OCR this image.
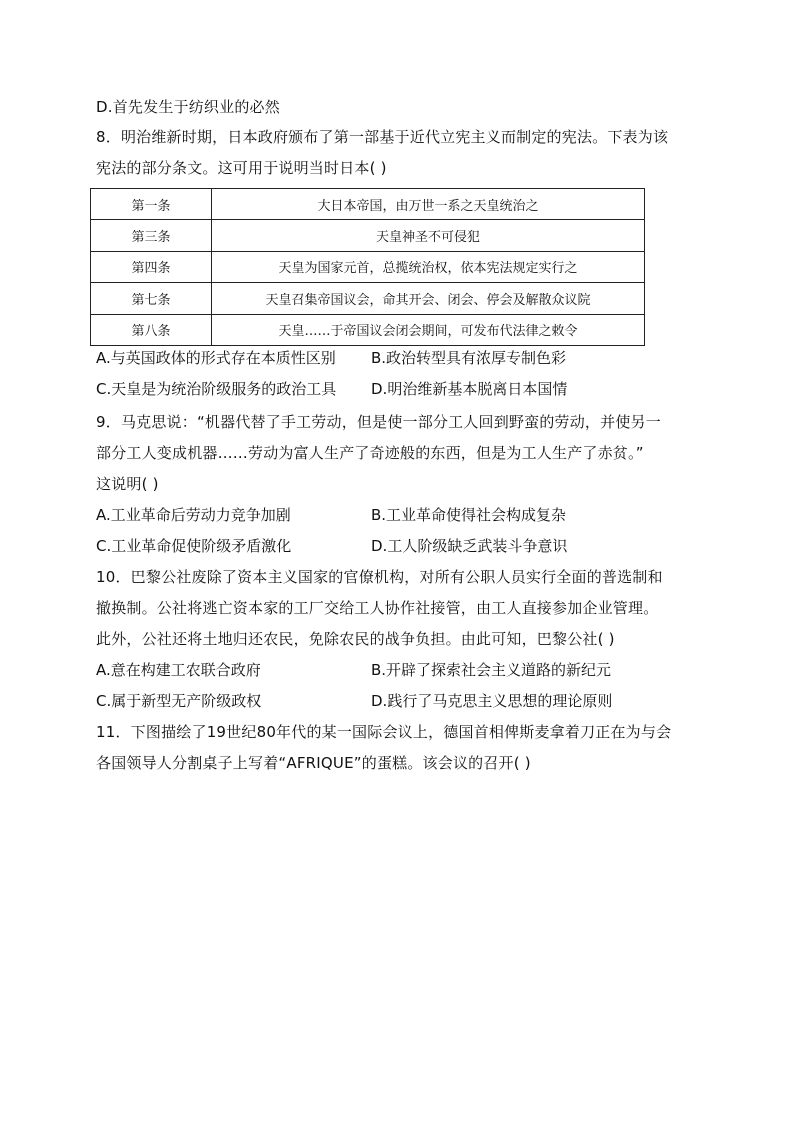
D.首先发生于纺织业的必然
8．明治维新时期，日本政府颁布了第一部基于近代立宪主义而制定的宪法。下表为该
宪法的部分条文。这可用于说明当时日本( )
第一条	大日本帝国，由万世一系之天皇统治之
第三条	天皇神圣不可侵犯
第四条	天皇为国家元首，总揽统治权，依本宪法规定实行之
第七条	天皇召集帝国议会，命其开会、闭会、停会及解散众议院
第八条	天皇……于帝国议会闭会期间，可发布代法律之敕令
A.与英国政体的形式存在本质性区别 B.政治转型具有浓厚专制色彩
C.天皇是为统治阶级服务的政治工具 D.明治维新基本脱离日本国情
9．马克思说：“机器代替了手工劳动，但是使一部分工人回到野蛮的劳动，并使另一
部分工人变成机器……劳动为富人生产了奇迹般的东西，但是为工人生产了赤贫。”
这说明( )
A.工业革命后劳动力竞争加剧	B.工业革命使得社会构成复杂
C.工业革命促使阶级矛盾激化	D.工人阶级缺乏武装斗争意识
10．巴黎公社废除了资本主义国家的官僚机构，对所有公职人员实行全面的普选制和
撤换制。公社将逃亡资本家的工厂交给工人协作社接管，由工人直接参加企业管理。
此外，公社还将土地归还农民，免除农民的战争负担。由此可知，巴黎公社( )
A.意在构建工农联合政府	B.开辟了探索社会主义道路的新纪元
C.属于新型无产阶级政权	D.践行了马克思主义思想的理论原则
11．下图描绘了19世纪80年代的某一国际会议上，德国首相俾斯麦拿着刀正在为与会
各国领导人分割桌子上写着“AFRIQUE”的蛋糕。该会议的召开( )
